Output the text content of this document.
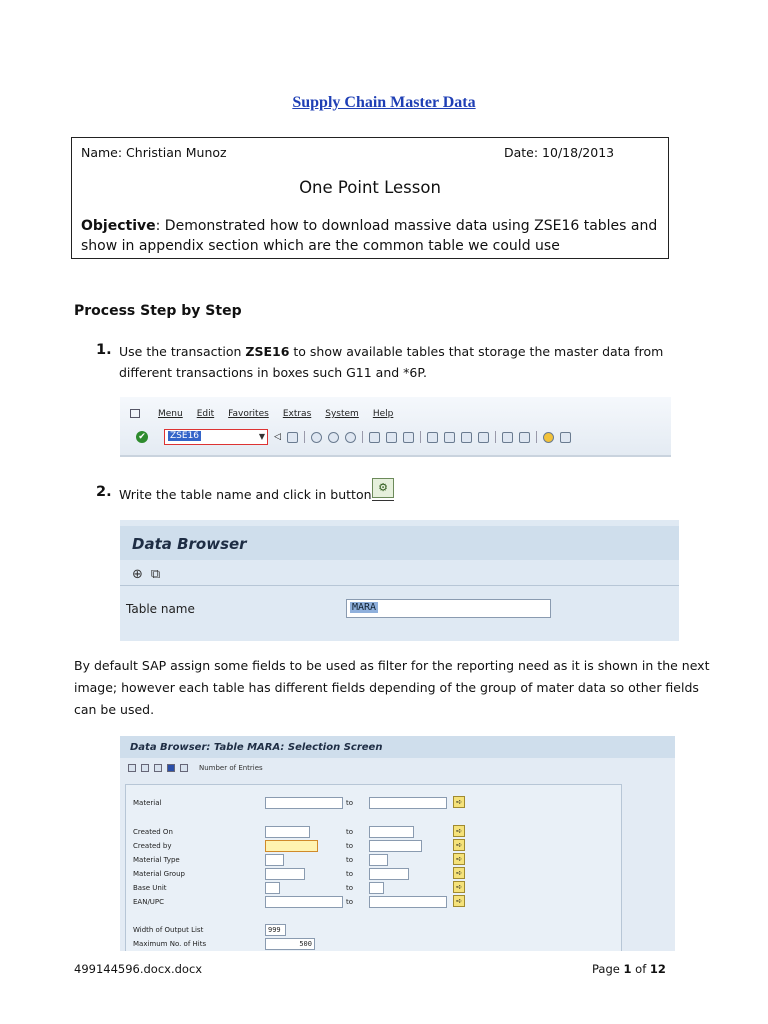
Supply Chain Master Data
Name: Christian Munoz	Date: 10/18/2013
One Point Lesson
Objective: Demonstrated how to download massive data using ZSE16 tables and show in appendix section which are the common table we could use
Process Step by Step
1. Use the transaction ZSE16 to show available tables that storage the master data from different transactions in boxes such G11 and *6P.
Menu Edit Favorites Extras System Help
✔	ZSE16	▼ ◁
2. Write the table name and click in button ⚙
Data Browser
⊕ ⧉
Table name	MARA
By default SAP assign some fields to be used as filter for the reporting need as it is shown in the next image; however each table has different fields depending of the group of mater data so other fields can be used.
Data Browser: Table MARA: Selection Screen
Number of Entries
Material	to	➪
Created On	to	➪
Created by	to	➪
Material Type	to	➪
Material Group	to	➪
Base Unit	to	➪
EAN/UPC	to	➪
Width of Output List	999
Maximum No. of Hits	500
499144596.docx.docx	Page 1 of 12
